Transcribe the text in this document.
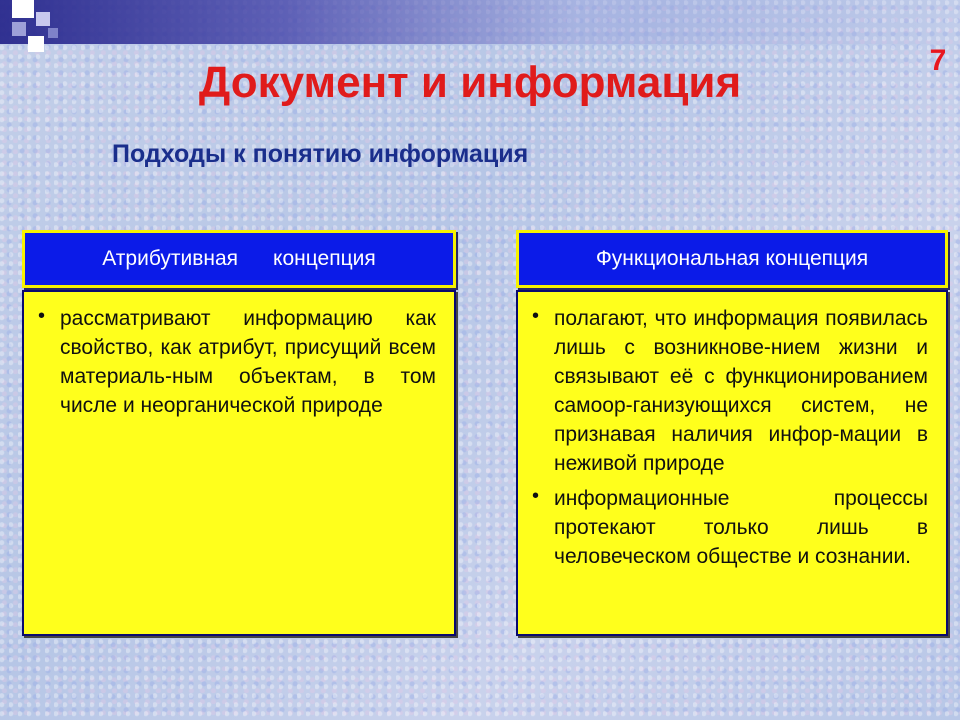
7
Документ и информация
Подходы к понятию информация
Атрибутивная      концепция
• рассматривают информацию как свойство, как атрибут, присущий всем материаль-ным объектам, в том числе и неорганической природе
Функциональная концепция
• полагают, что информация появилась лишь с возникнове-нием жизни и связывают её с функционированием самоор-ганизующихся систем, не признавая наличия инфор-мации в неживой природе
• информационные процессы протекают только лишь в человеческом обществе и сознании.
